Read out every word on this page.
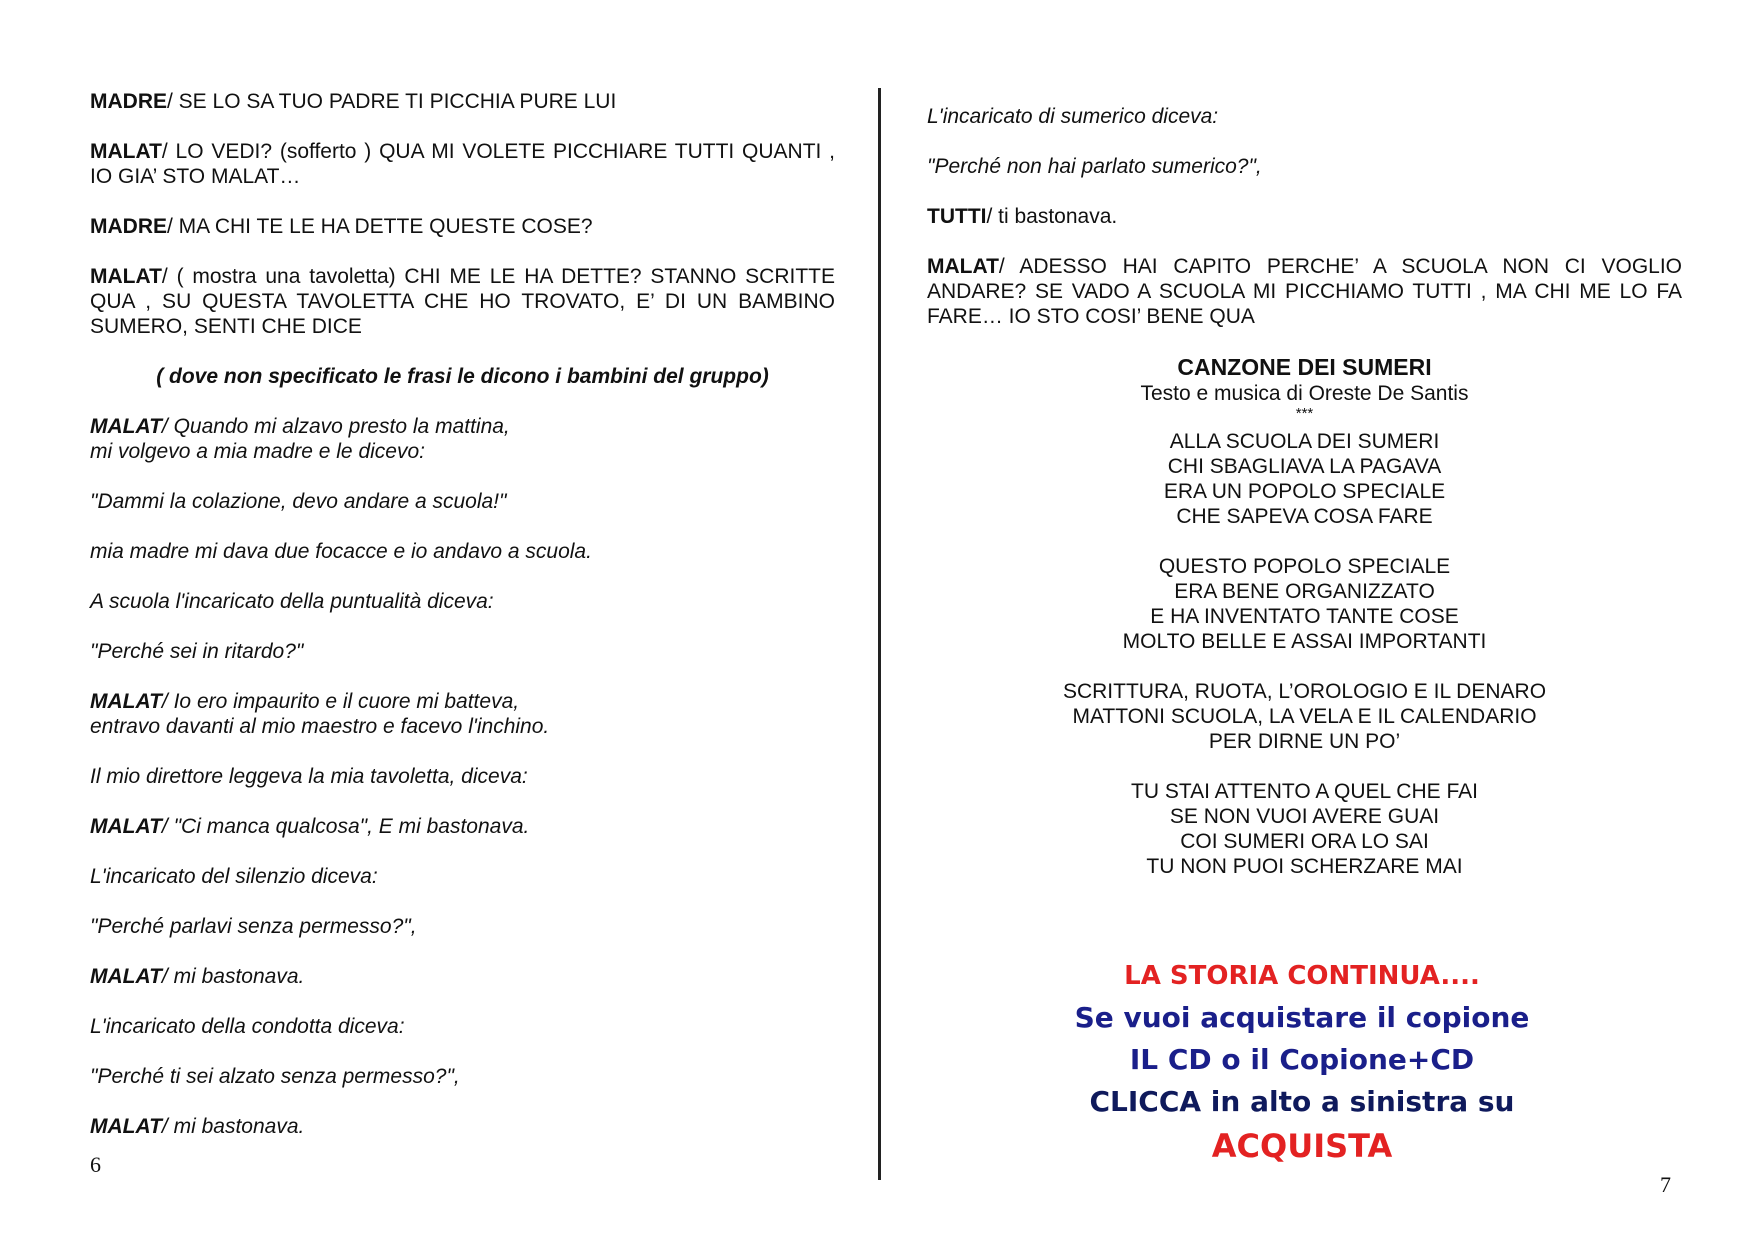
MADRE/ SE LO SA TUO PADRE TI PICCHIA PURE LUI

MALAT/ LO VEDI? (sofferto ) QUA MI VOLETE PICCHIARE TUTTI QUANTI , IO GIA’ STO MALAT…

MADRE/ MA CHI TE LE HA DETTE QUESTE COSE?

MALAT/ ( mostra una tavoletta) CHI ME LE HA DETTE? STANNO SCRITTE QUA , SU QUESTA TAVOLETTA CHE HO TROVATO, E’ DI UN BAMBINO SUMERO, SENTI CHE DICE

( dove non specificato le frasi le dicono i bambini del gruppo)

MALAT/ Quando mi alzavo presto la mattina,
mi volgevo a mia madre e le dicevo:

"Dammi la colazione, devo andare a scuola!"

mia madre mi dava due focacce e io andavo a scuola.

A scuola l'incaricato della puntualità diceva:

"Perché sei in ritardo?"

MALAT/ Io ero impaurito e il cuore mi batteva,
entravo davanti al mio maestro e facevo l'inchino.

Il mio direttore leggeva la mia tavoletta, diceva:

MALAT/ "Ci manca qualcosa", E mi bastonava.

L'incaricato del silenzio diceva:

"Perché parlavi senza permesso?",

MALAT/ mi bastonava.

L'incaricato della condotta diceva:

"Perché ti sei alzato senza permesso?",

MALAT/ mi bastonava.

6

L'incaricato di sumerico diceva:

"Perché non hai parlato sumerico?",

TUTTI/ ti bastonava.

MALAT/ ADESSO HAI CAPITO PERCHE’ A SCUOLA NON CI VOGLIO ANDARE? SE VADO A SCUOLA MI PICCHIAMO TUTTI , MA CHI ME LO FA FARE… IO STO COSI’ BENE QUA

CANZONE DEI SUMERI
Testo e musica di Oreste De Santis
***
ALLA SCUOLA DEI SUMERI
CHI SBAGLIAVA LA PAGAVA
ERA UN POPOLO SPECIALE
CHE SAPEVA COSA FARE
QUESTO POPOLO SPECIALE
ERA BENE ORGANIZZATO
E HA INVENTATO TANTE COSE
MOLTO BELLE E ASSAI IMPORTANTI
SCRITTURA, RUOTA, L’OROLOGIO E IL DENARO
MATTONI SCUOLA, LA VELA E IL CALENDARIO
PER DIRNE UN PO’
TU STAI ATTENTO A QUEL CHE FAI
SE NON VUOI AVERE GUAI
COI SUMERI ORA LO SAI
TU NON PUOI SCHERZARE MAI
LA STORIA CONTINUA....
Se vuoi acquistare il copione
IL CD o il Copione+CD
CLICCA in alto a sinistra su
ACQUISTA
7
